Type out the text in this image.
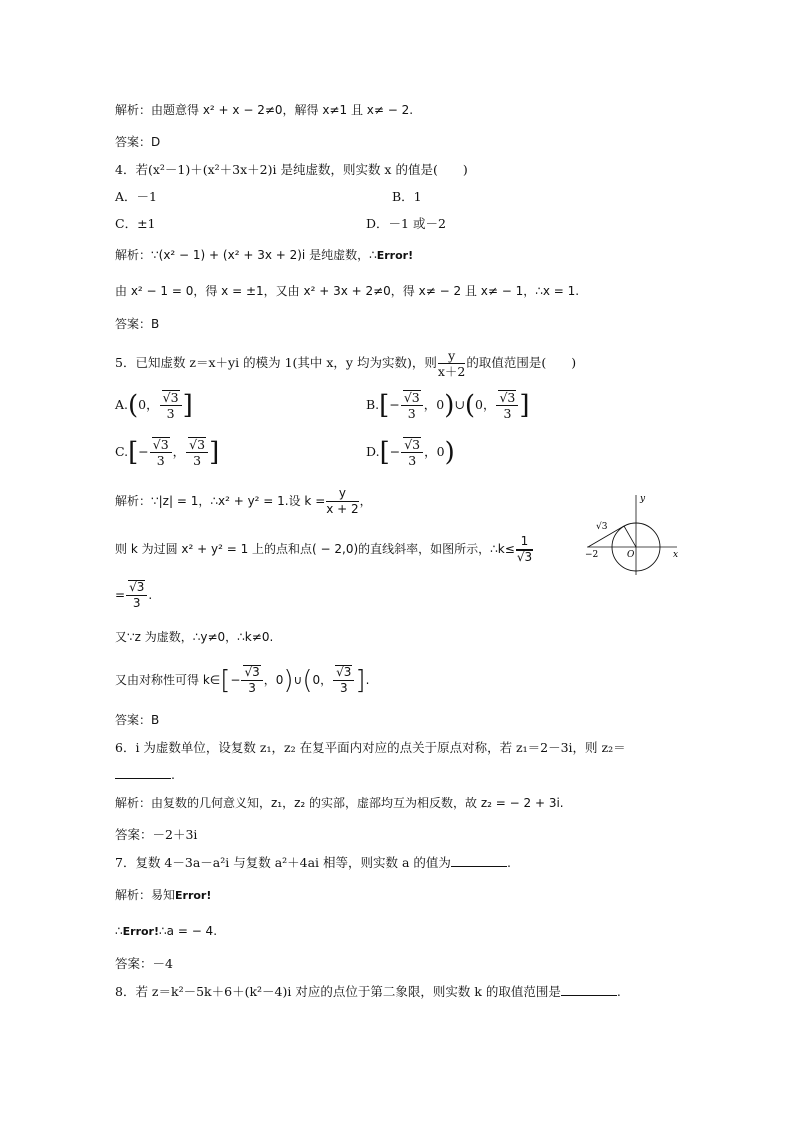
解析：由题意得 x² + x − 2≠0，解得 x≠1 且 x≠ − 2.
答案：D
4．若(x²－1)＋(x²＋3x＋2)i 是纯虚数，则实数 x 的值是(　　)
A．－1	B．1
C．±1	D．－1 或－2
解析：∵(x² − 1) + (x² + 3x + 2)i 是纯虚数，∴Error!
由 x² − 1 = 0，得 x = ±1，又由 x² + 3x + 2≠0，得 x≠ − 2 且 x≠ − 1，∴x = 1.
答案：B
5．已知虚数 z＝x＋yi 的模为 1(其中 x，y 均为实数)，则 $\frac{y}{x+2}$ 的取值范围是(　　)
A.(0， $\frac{√3}{3}$ ]	$B.[- \frac{√3}{3}$ ，0)∪(0， $\frac{√3}{3}$ ]
$C.[- \frac{√3}{3}$ ， $\frac{√3}{3}$ ]	$D.[- \frac{√3}{3}$ ，0)
解析：∵|z| = 1，∴x² + y² = 1.设 $k = \frac{y}{x + 2}$ ，
则 k 为过圆 x² + y² = 1 上的点和点( − 2,0)的直线斜率，如图所示，∴k≤ $\frac{1}{√3}$
= $\frac{√3}{3}$ .
又∵z 为虚数，∴y≠0，∴k≠0.
又由对称性可得 k∈[− $\frac{√3}{3}$ ，0)∪(0， $\frac{√3}{3}$ ].
答案：B
6．i 为虚数单位，设复数 z₁，z₂ 在复平面内对应的点关于原点对称，若 z₁＝2－3i，则 z₂＝
.
解析：由复数的几何意义知，z₁，z₂ 的实部，虚部均互为相反数，故 z₂ = − 2 + 3i.
答案：－2＋3i
7．复数 4－3a－a²i 与复数 a²＋4ai 相等，则实数 a 的值为	.
解析：易知Error!
∴Error!∴a = − 4.
答案：－4
8．若 z＝k²－5k＋6＋(k²－4)i 对应的点位于第二象限，则实数 k 的取值范围是	.
√3
−2	O	x
y
